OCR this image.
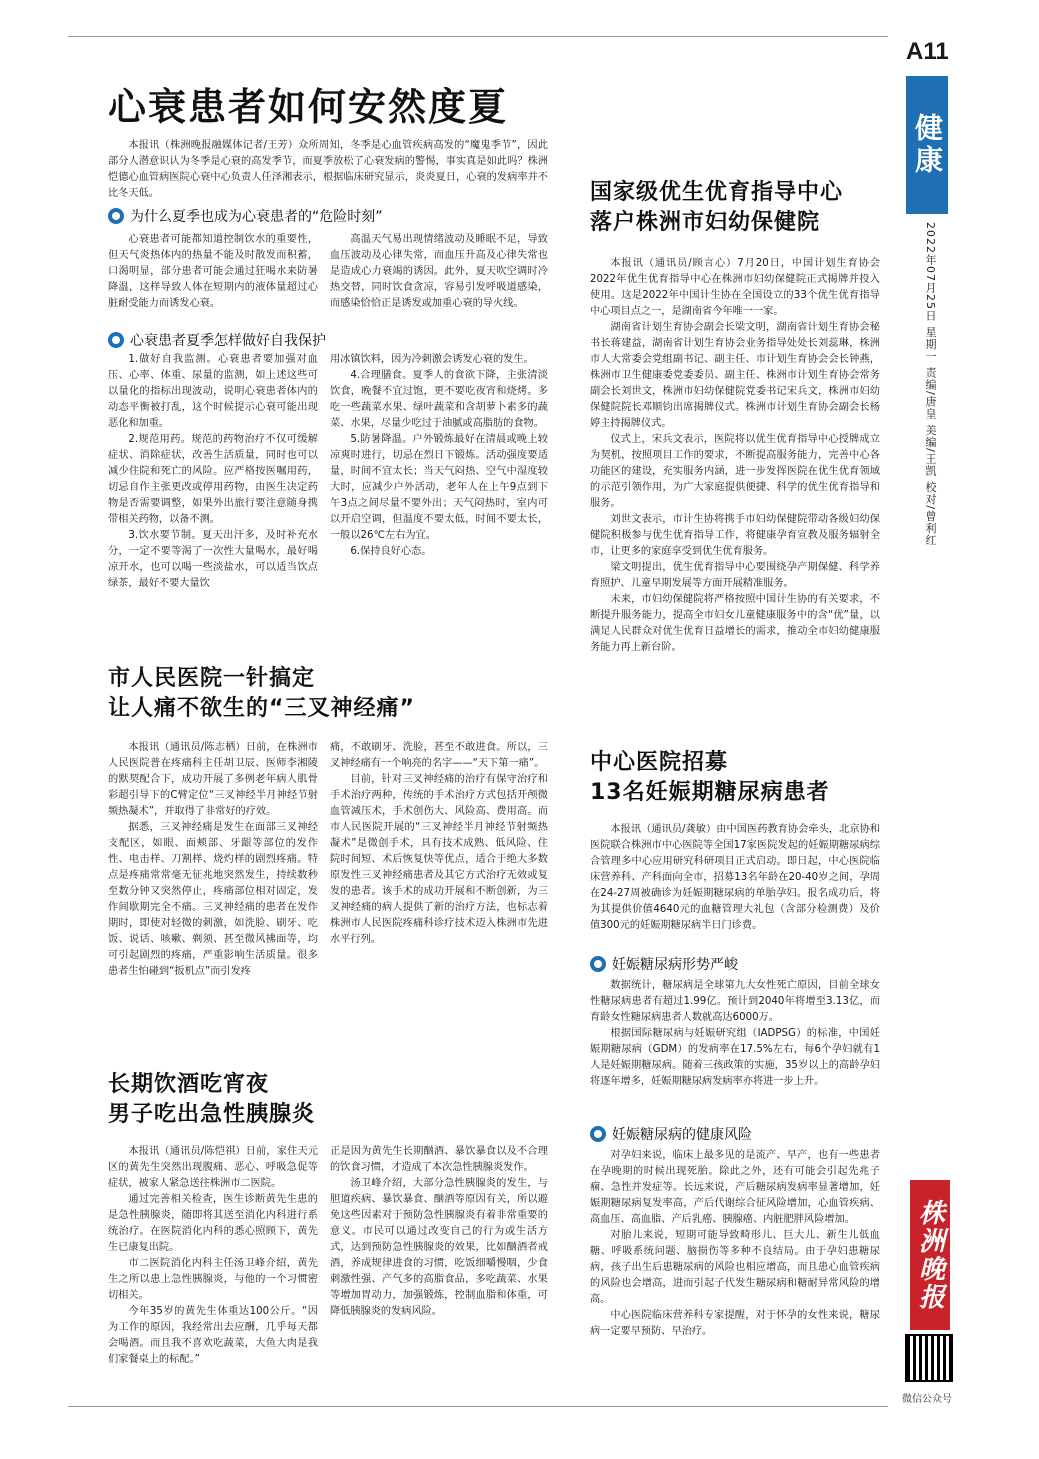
A11
健康
2022年07月25日 星期一 责编/唐皇 美编/王凯 校对/曾利红
株洲晚报
微信公众号
心衰患者如何安然度夏

本报讯（株洲晚报融媒体记者/王芳）众所周知，冬季是心血管疾病高发的“魔鬼季节”，因此部分人潜意识认为冬季是心衰的高发季节，而夏季放松了心衰发病的警惕，事实真是如此吗？株洲恺德心血管病医院心衰中心负责人任泽湘表示，根据临床研究显示，炎炎夏日，心衰的发病率并不比冬天低。

为什么夏季也成为心衰患者的“危险时刻”

心衰患者可能都知道控制饮水的重要性，但天气炎热体内的热量不能及时散发而积蓄，口渴明显，部分患者可能会通过狂喝水来防暑降温，这样导致人体在短期内的液体量超过心脏耐受能力而诱发心衰。

高温天气易出现情绪波动及睡眠不足，导致血压波动及心律失常，而血压升高及心律失常也是造成心力衰竭的诱因。此外，夏天吹空调时冷热交替，同时饮食贪凉，容易引发呼吸道感染，而感染恰恰正是诱发或加重心衰的导火线。

心衰患者夏季怎样做好自我保护

1.做好自我监测。心衰患者要加强对血压、心率、体重、尿量的监测，如上述这些可以量化的指标出现波动，说明心衰患者体内的动态平衡被打乱，这个时候提示心衰可能出现恶化和加重。

2.规范用药。规范的药物治疗不仅可缓解症状、消除症状，改善生活质量，同时也可以减少住院和死亡的风险。应严格按医嘱用药，切忌自作主张更改或停用药物，由医生决定药物是否需要调整，如果外出旅行要注意随身携带相关药物，以备不测。

3.饮水要节制。夏天出汗多，及时补充水分，一定不要等渴了一次性大量喝水，最好喝凉开水，也可以喝一些淡盐水，可以适当饮点绿茶，最好不要大量饮

用冰镇饮料，因为冷刺激会诱发心衰的发生。

4.合理膳食。夏季人的食欲下降，主张清淡饮食，晚餐不宜过饱，更不要吃夜宵和烧烤。多吃一些蔬菜水果、绿叶蔬菜和含胡萝卜素多的蔬菜、水果，尽量少吃过于油腻或高脂肪的食物。

5.防暑降温。户外锻炼最好在清晨或晚上较凉爽时进行，切忌在烈日下锻炼。活动强度要适量，时间不宜太长；当天气闷热、空气中湿度较大时，应减少户外活动，老年人在上午9点到下午3点之间尽量不要外出；天气闷热时，室内可以开启空调，但温度不要太低，时间不要太长，一般以26℃左右为宜。

6.保持良好心态。

国家级优生优育指导中心
落户株洲市妇幼保健院

本报讯（通讯员/顾言心）7月20日，中国计划生育协会2022年优生优育指导中心在株洲市妇幼保健院正式揭牌并投入使用。这是2022年中国计生协在全国设立的33个优生优育指导中心项目点之一，是湖南省今年唯一一家。

湖南省计划生育协会副会长梁文明，湖南省计划生育协会秘书长蒋建益，湖南省计划生育协会业务指导处处长刘蕊琳，株洲市人大常委会党组副书记、副主任、市计划生育协会会长钟燕，株洲市卫生健康委党委委员、副主任、株洲市计划生育协会常务副会长刘世文，株洲市妇幼保健院党委书记宋兵文，株洲市妇幼保健院院长邓顺钧出席揭牌仪式。株洲市计划生育协会副会长杨婷主持揭牌仪式。

仪式上，宋兵文表示，医院将以优生优育指导中心授牌成立为契机，按照项目工作的要求，不断提高服务能力，完善中心各功能区的建设，充实服务内涵，进一步发挥医院在优生优育领域的示范引领作用，为广大家庭提供便捷、科学的优生优育指导和服务。

刘世文表示，市计生协将携手市妇幼保健院带动各级妇幼保健院积极参与优生优育指导工作，将健康孕育宣教及服务辐射全市，让更多的家庭享受到优生优育服务。

梁文明提出，优生优育指导中心要围绕孕产期保健、科学养育照护、儿童早期发展等方面开展精准服务。

未来，市妇幼保健院将严格按照中国计生协的有关要求，不断提升服务能力，提高全市妇女儿童健康服务中的含“优”量，以满足人民群众对优生优育日益增长的需求，推动全市妇幼健康服务能力再上新台阶。

市人民医院一针搞定
让人痛不欲生的“三叉神经痛”

本报讯（通讯员/陈志栖）日前，在株洲市人民医院普在疼痛科主任胡卫辰、医师李湘陵的默契配合下，成功开展了多例老年病人肌骨彩超引导下的C臂定位“三叉神经半月神经节射频热凝术”，并取得了非常好的疗效。

据悉，三叉神经痛是发生在面部三叉神经支配区，如眼、面颊部、牙龈等部位的发作性、电击样、刀割样、烧灼样的剧烈疼痛。特点是疼痛常常毫无征兆地突然发生，持续数秒至数分钟又突然停止，疼痛部位相对固定，发作间歇期完全不痛。三叉神经痛的患者在发作期时，即使对轻微的刺激，如洗脸、刷牙、吃饭、说话、咳嗽、剃须、甚至微风拂面等，均可引起剧烈的疼痛，严重影响生活质量。很多患者生怕碰到“扳机点”而引发疼

痛，不敢刷牙、洗脸，甚至不敢进食。所以，三叉神经痛有一个响亮的名字——“天下第一痛”。

目前，针对三叉神经痛的治疗有保守治疗和手术治疗两种，传统的手术治疗方式包括开颅微血管减压术，手术创伤大、风险高、费用高。而市人民医院开展的“三叉神经半月神经节射频热凝术”是微创手术，具有技术成熟、低风险、住院时间短、术后恢复快等优点，适合于绝大多数原发性三叉神经痛患者及其它方式治疗无效或复发的患者。该手术的成功开展和不断创新，为三叉神经痛的病人提供了新的治疗方法，也标志着株洲市人民医院疼痛科诊疗技术迈入株洲市先进水平行列。

中心医院招募
13名妊娠期糖尿病患者

本报讯（通讯员/龚敏）由中国医药教育协会牵头，北京协和医院联合株洲市中心医院等全国17家医院发起的妊娠期糖尿病综合管理多中心应用研究科研项目正式启动。即日起，中心医院临床营养科、产科面向全市，招募13名年龄在20-40岁之间，孕周在24-27周被确诊为妊娠期糖尿病的单胎孕妇。报名成功后，将为其提供价值4640元的血糖管理大礼包（含部分检测费）及价值300元的妊娠期糖尿病半日门诊费。

妊娠糖尿病形势严峻

数据统计，糖尿病是全球第九大女性死亡原因，目前全球女性糖尿病患者有超过1.99亿。预计到2040年将增至3.13亿，而育龄女性糖尿病患者人数就高达6000万。

根据国际糖尿病与妊娠研究组（IADPSG）的标准，中国妊娠期糖尿病（GDM）的发病率在17.5%左右，每6个孕妇就有1人是妊娠期糖尿病。随着三孩政策的实施，35岁以上的高龄孕妇将逐年增多，妊娠期糖尿病发病率亦将进一步上升。

妊娠糖尿病的健康风险

对孕妇来说，临床上最多见的是流产、早产，也有一些患者在孕晚期的时候出现死胎。除此之外，还有可能会引起先兆子痫、急性并发症等。长远来说，产后糖尿病发病率显著增加，妊娠期糖尿病复发率高，产后代谢综合征风险增加，心血管疾病、高血压、高血脂、产后乳癌、胰腺癌、内脏肥胖风险增加。

对胎儿来说，短期可能导致畸形儿、巨大儿、新生儿低血糖、呼吸系统问题、脑损伤等多种不良结局。由于孕妇患糖尿病，孩子出生后患糖尿病的风险也相应增高，而且患心血管疾病的风险也会增高，进而引起子代发生糖尿病和糖耐异常风险的增高。

中心医院临床营养科专家提醒，对于怀孕的女性来说，糖尿病一定要早预防、早治疗。

长期饮酒吃宵夜
男子吃出急性胰腺炎

本报讯（通讯员/陈恺祺）日前，家住天元区的黄先生突然出现腹痛、恶心、呼吸急促等症状，被家人紧急送往株洲市二医院。

通过完善相关检查，医生诊断黄先生患的是急性胰腺炎，随即将其送至消化内科进行系统治疗。在医院消化内科的悉心照顾下，黄先生已康复出院。

市二医院消化内科主任汤卫峰介绍，黄先生之所以患上急性胰腺炎，与他的一个习惯密切相关。

今年35岁的黄先生体重达100公斤。“因为工作的原因，我经常出去应酬，几乎每天都会喝酒。而且我不喜欢吃蔬菜，大鱼大肉是我们家餐桌上的标配。”

正是因为黄先生长期酗酒、暴饮暴食以及不合理的饮食习惯，才造成了本次急性胰腺炎发作。

汤卫峰介绍，大部分急性胰腺炎的发生，与胆道疾病、暴饮暴食、酗酒等原因有关，所以避免这些因素对于预防急性胰腺炎有着非常重要的意义。市民可以通过改变自己的行为或生活方式，达到预防急性胰腺炎的效果，比如酗酒者戒酒，养成规律进食的习惯，吃饭细嚼慢咽，少食刺激性强、产气多的高脂食品，多吃蔬菜、水果等增加胃动力，加强锻炼，控制血脂和体重，可降低胰腺炎的发病风险。
